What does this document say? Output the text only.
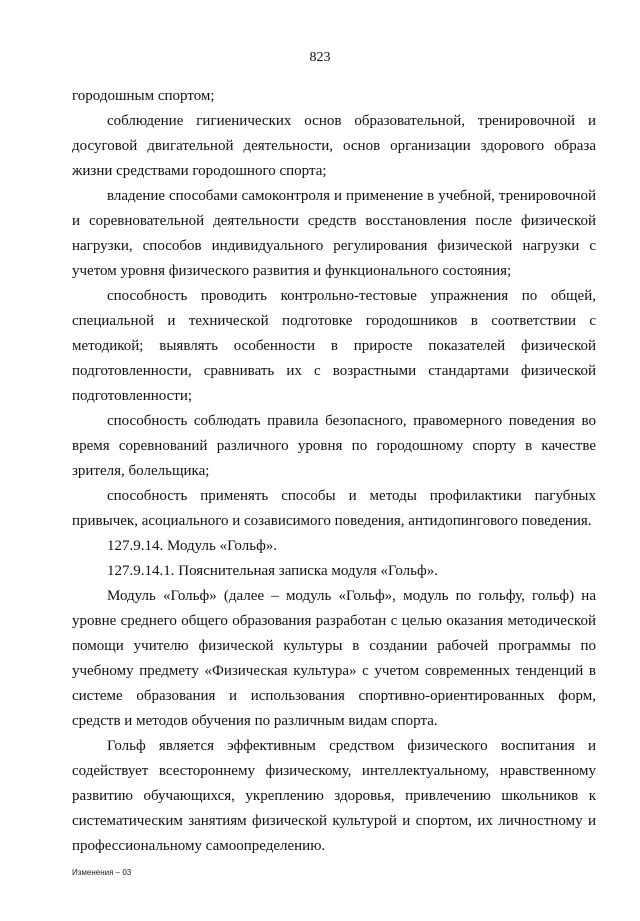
823

городошным спортом;

соблюдение гигиенических основ образовательной, тренировочной и досуговой двигательной деятельности, основ организации здорового образа жизни средствами городошного спорта;

владение способами самоконтроля и применение в учебной, тренировочной и соревновательной деятельности средств восстановления после физической нагрузки, способов индивидуального регулирования физической нагрузки с учетом уровня физического развития и функционального состояния;

способность проводить контрольно-тестовые упражнения по общей, специальной и технической подготовке городошников в соответствии с методикой; выявлять особенности в приросте показателей физической подготовленности, сравнивать их с возрастными стандартами физической подготовленности;

способность соблюдать правила безопасного, правомерного поведения во время соревнований различного уровня по городошному спорту в качестве зрителя, болельщика;

способность применять способы и методы профилактики пагубных привычек, асоциального и созависимого поведения, антидопингового поведения.

127.9.14. Модуль «Гольф».

127.9.14.1. Пояснительная записка модуля «Гольф».

Модуль «Гольф» (далее – модуль «Гольф», модуль по гольфу, гольф) на уровне среднего общего образования разработан с целью оказания методической помощи учителю физической культуры в создании рабочей программы по учебному предмету «Физическая культура» с учетом современных тенденций в системе образования и использования спортивно-ориентированных форм, средств и методов обучения по различным видам спорта.

Гольф является эффективным средством физического воспитания и содействует всестороннему физическому, интеллектуальному, нравственному развитию обучающихся, укреплению здоровья, привлечению школьников к систематическим занятиям физической культурой и спортом, их личностному и профессиональному самоопределению.

Изменения – 03
